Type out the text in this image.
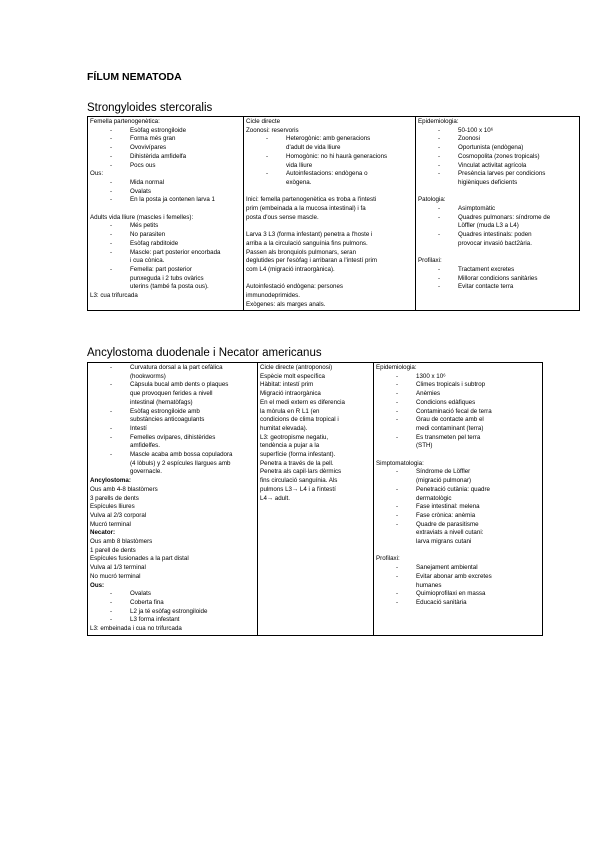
FÍLUM NEMATODA
Strongyloides stercoralis
Femella partenogenètica:
- Esòfag estrongiloide
- Forma més gran
- Ovovivípares
- Dihistèrida amfidelfa
- Pocs ous
Ous:
- Mida normal
- Ovalats
- En la posta ja contenen larva 1
Adults vida lliure (mascles i femelles):
- Més petits
- No parasiten
- Esòfag rabditoide
- Mascle: part posterior encorbada
i cua cònica.
- Femella: part posterior
punxeguda i 2 tubs ovàrics
uterins (també fa posta ous).
L3: cua trifurcada

Cicle directe
Zoonosi: reservoris
- Heterogònic: amb generacions
d'adult de vida lliure
- Homogònic: no hi haurà generacions
vida lliure
- Autoinfestacions: endògena o
exògena.
Inici: femella partenogenètica es troba a l'intesti
prim (embeinada a la mucosa intestinal) i fa
posta d'ous sense mascle.
Larva 3 L3 (forma infestant) penetra a l'hoste i
arriba a la circulació sanguínia fins pulmons.
Passen als bronquiols pulmonars, seran
deglutides per l'esòfag i arribaran a l'intestí prim
com L4 (migració intraorgànica).
Autoinfestació endògena: persones
immunodeprimides.
Exògenes: als marges anals.

Epidemiologia:
- 50-100 x 10⁶
- Zoonosi
- Oportunista (endògena)
- Cosmopolita (zones tropicals)
- Vinculat activitat agrícola
- Presència larves per condicions
higièniques deficients
Patologia:
- Asimptomàtic
- Quadres pulmonars: síndrome de
Löffler (muda L3 a L4)
- Quadres intestinals: poden
provocar invasió bact2ària.
Profilaxi:
- Tractament excretes
- Millorar condicions sanitàries
- Evitar contacte terra
Ancylostoma duodenale i Necator americanus
- Curvatura dorsal a la part cefàlica
(hookworms)
- Càpsula bucal amb dents o plaques
que provoquen ferides a nivell
intestinal (hematòfags)
- Esòfag estrongiloide amb
substàncies anticoagulants
- Intestí
- Femelles ovípares, dihistèrides
amfidelfes.
- Mascle acaba amb bossa copuladora
(4 lòbuls) y 2 espícules llargues amb
governacle.
Ancylostoma:
Ous amb 4-8 blastòmers
3 parells de dents
Espícules lliures
Vulva al 2/3 corporal
Mucró terminal
Necator:
Ous amb 8 blastòmers
1 parell de dents
Espícules fusionades a la part distal
Vulva al 1/3 terminal
No mucró terminal
Ous:
- Ovalats
- Coberta fina
- L2 ja té esòfag estrongiloide
- L3 forma infestant
L3: embeinada i cua no trifurcada

Cicle directe (antroponosi)
Espècie molt específica
Hàbitat: intestí prim
Migració intraorgànica
En el medi extern es diferencia
la mòrula en R L1 (en
condicions de clima tropical i
humitat elevada).
L3: geotropisme negatiu,
tendència a pujar a la
superfície (forma infestant).
Penetra a través de la pell.
Penetra als capil·lars dèrmics
fins circulació sanguínia. Als
pulmons L3→ L4 i a l'intestí
L4→ adult.

Epidemiologia:
- 1300 x 10⁶
- Climes tropicals i subtrop
- Anèmies
- Condicions edàfiques
- Contaminació fecal de terra
- Grau de contacte amb el
medi contaminant (terra)
- Es transmeten pel terra
(STH)
Simptomatologia:
- Síndrome de Löffler
(migració pulmonar)
- Penetració cutània: quadre
dermatològic
- Fase intestinal: melena
- Fase crònica: anèmia
- Quadre de parasitisme
extraviats a nivell cutani:
larva migrans cutani
Profilaxi:
- Sanejament ambiental
- Evitar abonar amb excretes
humanes
- Quimioprofilaxi en massa
- Educació sanitària
